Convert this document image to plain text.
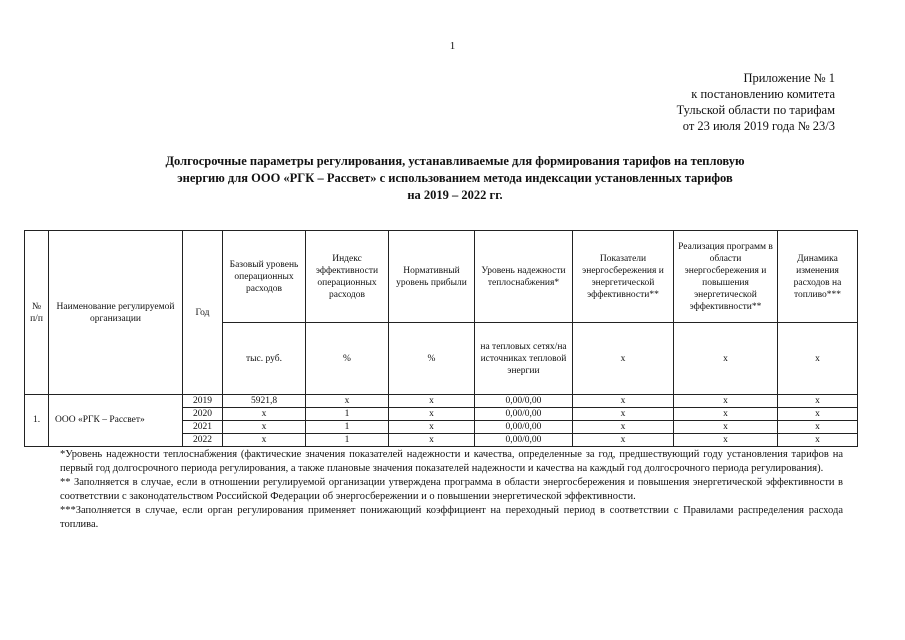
1
Приложение № 1
к постановлению комитета
Тульской области по тарифам
от 23 июля 2019 года № 23/3
Долгосрочные параметры регулирования, устанавливаемые для формирования тарифов на тепловую
энергию для ООО «РГК – Рассвет» с использованием метода индексации установленных тарифов
на 2019 – 2022 гг.
№ п/п	Наименование регулируемой организации	Год	Базовый уровень операционных расходов	Индекс эффективности операционных расходов	Нормативный уровень прибыли	Уровень надежности теплоснабжения*	Показатели энергосбережения и энергетической эффективности**	Реализация программ в области энергосбережения и повышения энергетической эффективности**	Динамика изменения расходов на топливо***
			тыс. руб.	%	%	на тепловых сетях/на источниках тепловой энергии	x	x	x
1.	ООО «РГК – Рассвет»	2019	5921,8	x	x	0,00/0,00	x	x	x
		2020	x	1	x	0,00/0,00	x	x	x
		2021	x	1	x	0,00/0,00	x	x	x
		2022	x	1	x	0,00/0,00	x	x	x

*Уровень надежности теплоснабжения (фактические значения показателей надежности и качества, определенные за год, предшествующий году установления тарифов на первый год долгосрочного периода регулирования, а также плановые значения показателей надежности и качества на каждый год долгосрочного периода регулирования).

** Заполняется в случае, если в отношении регулируемой организации утверждена программа в области энергосбережения и повышения энергетической эффективности в соответствии с законодательством Российской Федерации об энергосбережении и о повышении энергетической эффективности.

***Заполняется в случае, если орган регулирования применяет понижающий коэффициент на переходный период в соответствии с Правилами распределения расхода топлива.
